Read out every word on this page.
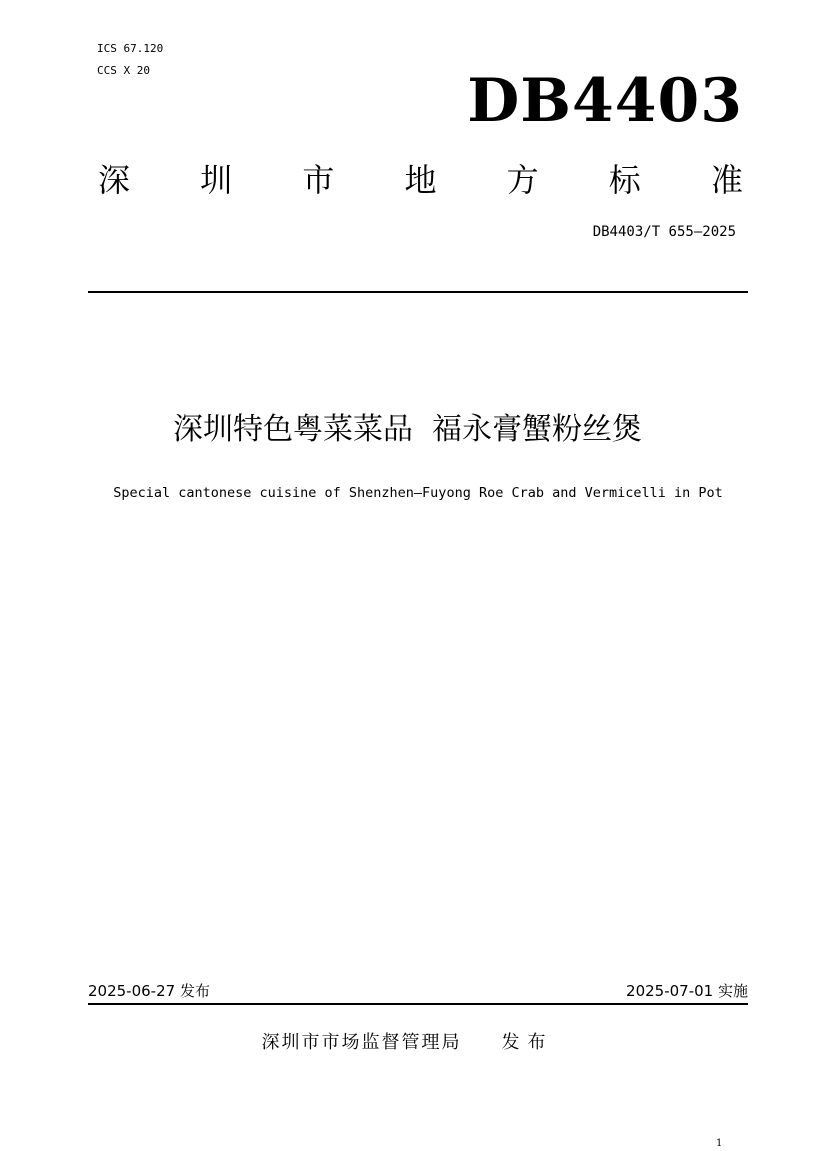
ICS 67.120
CCS X 20	DB4403
深 圳 市 地 方 标 准
DB4403/T 655—2025
深圳特色粤菜菜品  福永膏蟹粉丝煲
Special cantonese cuisine of Shenzhen—Fuyong Roe Crab and Vermicelli in Pot
2025-06-27 发布	2025-07-01 实施
深圳市市场监督管理局 发布
1
